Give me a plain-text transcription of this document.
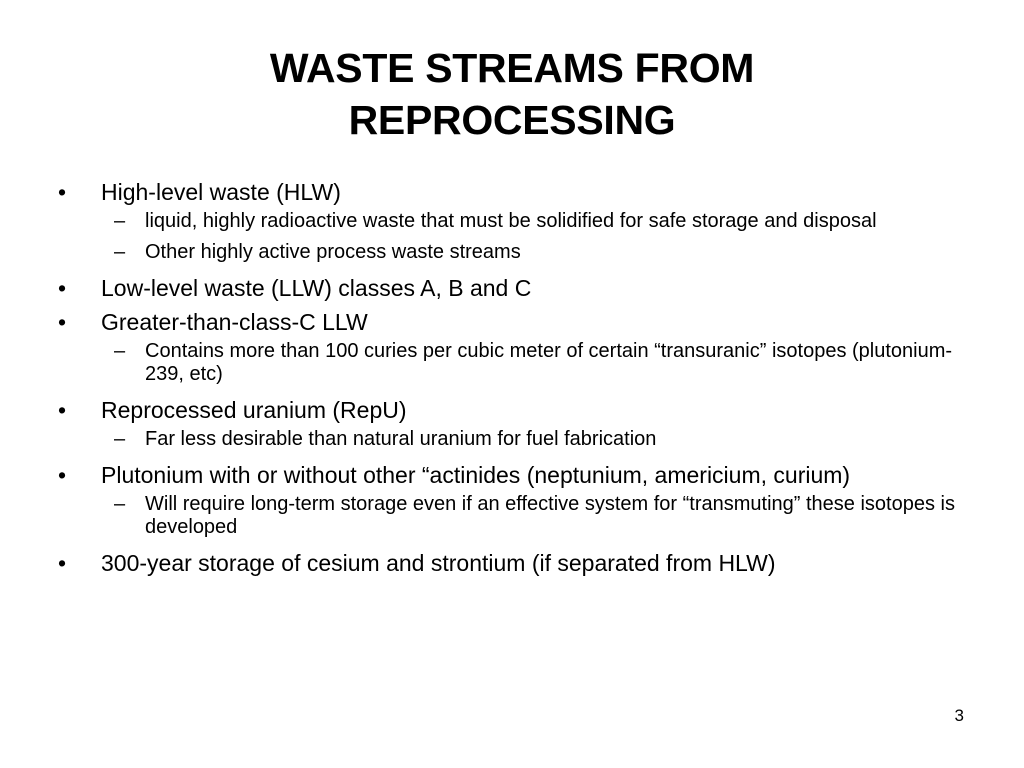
WASTE STREAMS FROM
REPROCESSING
• High-level waste (HLW)
– liquid, highly radioactive waste that must be solidified for safe storage and disposal
– Other highly active process waste streams
• Low-level waste (LLW) classes A, B and C
• Greater-than-class-C LLW
– Contains more than 100 curies per cubic meter of certain “transuranic” isotopes (plutonium-239, etc)
• Reprocessed uranium (RepU)
– Far less desirable than natural uranium for fuel fabrication
• Plutonium with or without other “actinides (neptunium, americium, curium)
– Will require long-term storage even if an effective system for “transmuting” these isotopes is developed
• 300-year storage of cesium and strontium (if separated from HLW)
3
